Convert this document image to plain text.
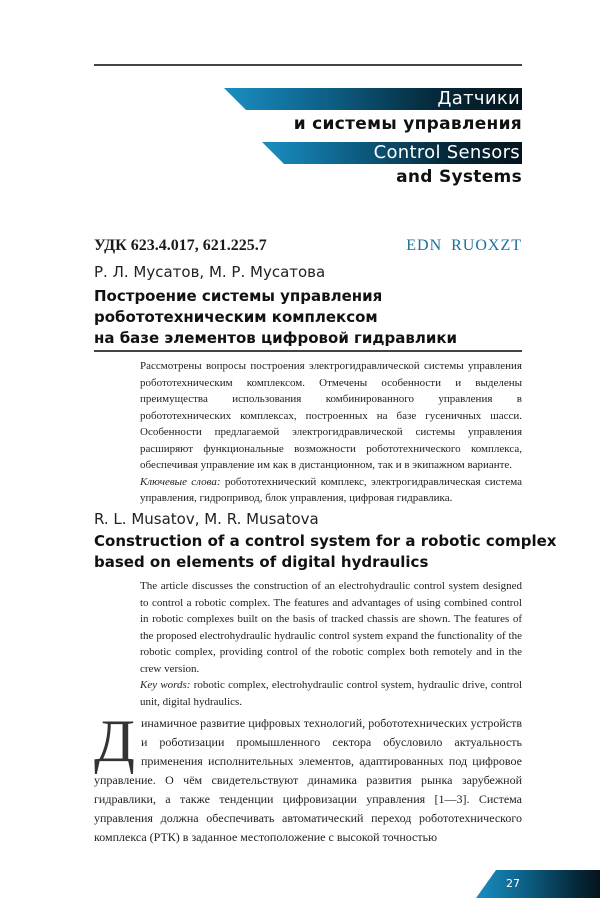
Датчики
и системы управления
Control Sensors
and Systems
УДК 623.4.017, 621.225.7	EDN RUOXZT
Р. Л. Мусатов, М. Р. Мусатова
Построение системы управления
робототехническим комплексом
на базе элементов цифровой гидравлики
Рассмотрены вопросы построения электрогидравлической системы управления робототехническим комплексом. Отмечены особенности и выделены преимущества использования комбинированного управления в робототехнических комплексах, построенных на базе гусеничных шасси. Особенности предлагаемой электрогидравлической системы управления расширяют функциональные возможности робототехнического комплекса, обеспечивая управление им как в дистанционном, так и в экипажном варианте.
Ключевые слова: робототехнический комплекс, электрогидравлическая система управления, гидропривод, блок управления, цифровая гидравлика.
R. L. Musatov, M. R. Musatova
Construction of a control system for a robotic complex
based on elements of digital hydraulics
The article discusses the construction of an electrohydraulic control system designed to control a robotic complex. The features and advantages of using combined control in robotic complexes built on the basis of tracked chassis are shown. The features of the proposed electrohydraulic hydraulic control system expand the functionality of the robotic complex, providing control of the robotic complex both remotely and in the crew version.
Key words: robotic complex, electrohydraulic control system, hydraulic drive, control unit, digital hydraulics.
Д инамичное развитие цифровых технологий, робототехнических устройств и роботизации промышленного сектора обусловило актуальность применения исполнительных элементов, адаптированных под цифровое управление. О чём свидетельствуют динамика развития рынка зарубежной гидравлики, а также тенденции цифровизации управления [1—3]. Система управления должна обеспечивать автоматический переход робототехнического комплекса (РТК) в заданное местоположение с высокой точностью
27
